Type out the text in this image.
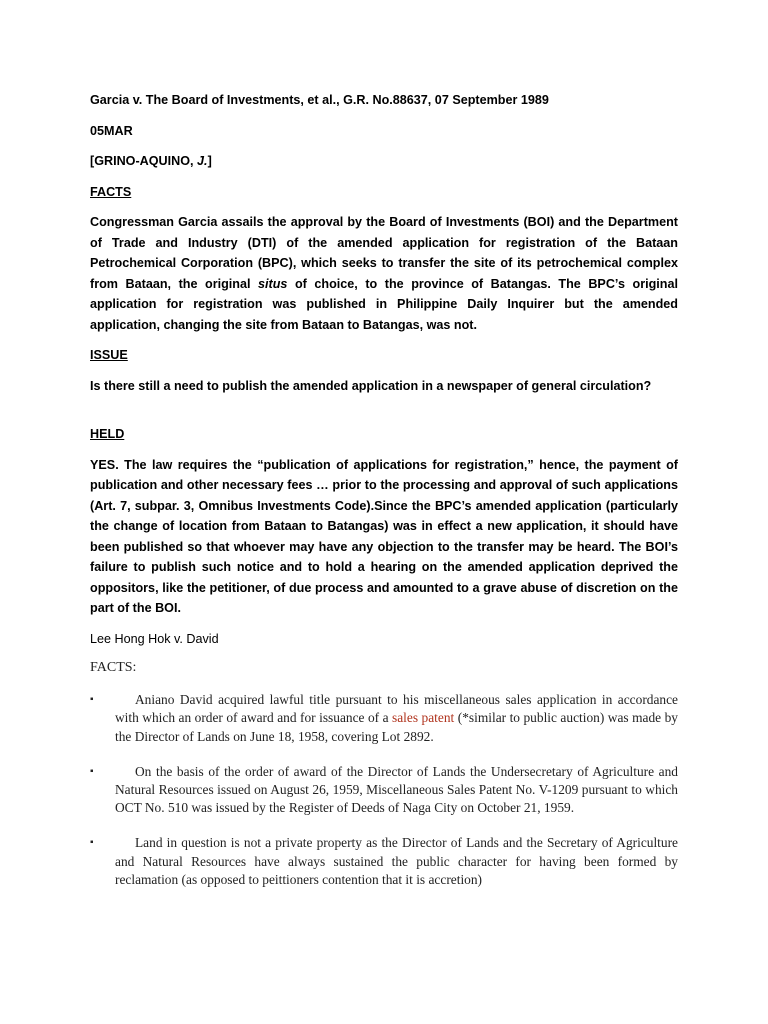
Garcia v. The Board of Investments, et al., G.R. No.88637, 07 September 1989

05MAR

[GRINO-AQUINO, J.]

FACTS

Congressman Garcia assails the approval by the Board of Investments (BOI) and the Department of Trade and Industry (DTI) of the amended application for registration of the Bataan Petrochemical Corporation (BPC), which seeks to transfer the site of its petrochemical complex from Bataan, the original situs of choice, to the province of Batangas. The BPC’s original application for registration was published in Philippine Daily Inquirer but the amended application, changing the site from Bataan to Batangas, was not.

ISSUE

Is there still a need to publish the amended application in a newspaper of general circulation?

HELD

YES. The law requires the “publication of applications for registration,” hence, the payment of publication and other necessary fees … prior to the processing and approval of such applications (Art. 7, subpar. 3, Omnibus Investments Code).Since the BPC’s amended application (particularly the change of location from Bataan to Batangas) was in effect a new application, it should have been published so that whoever may have any objection to the transfer may be heard. The BOI’s failure to publish such notice and to hold a hearing on the amended application deprived the oppositors, like the petitioner, of due process and amounted to a grave abuse of discretion on the part of the BOI.

Lee Hong Hok v. David

FACTS:

▪	Aniano David acquired lawful title pursuant to his miscellaneous sales application in accordance with which an order of award and for issuance of a sales patent (*similar to public auction) was made by the Director of Lands on June 18, 1958, covering Lot 2892.
▪	On the basis of the order of award of the Director of Lands the Undersecretary of Agriculture and Natural Resources issued on August 26, 1959, Miscellaneous Sales Patent No. V-1209 pursuant to which OCT No. 510 was issued by the Register of Deeds of Naga City on October 21, 1959.
▪	Land in question is not a private property as the Director of Lands and the Secretary of Agriculture and Natural Resources have always sustained the public character for having been formed by reclamation (as opposed to peittioners contention that it is accretion)
